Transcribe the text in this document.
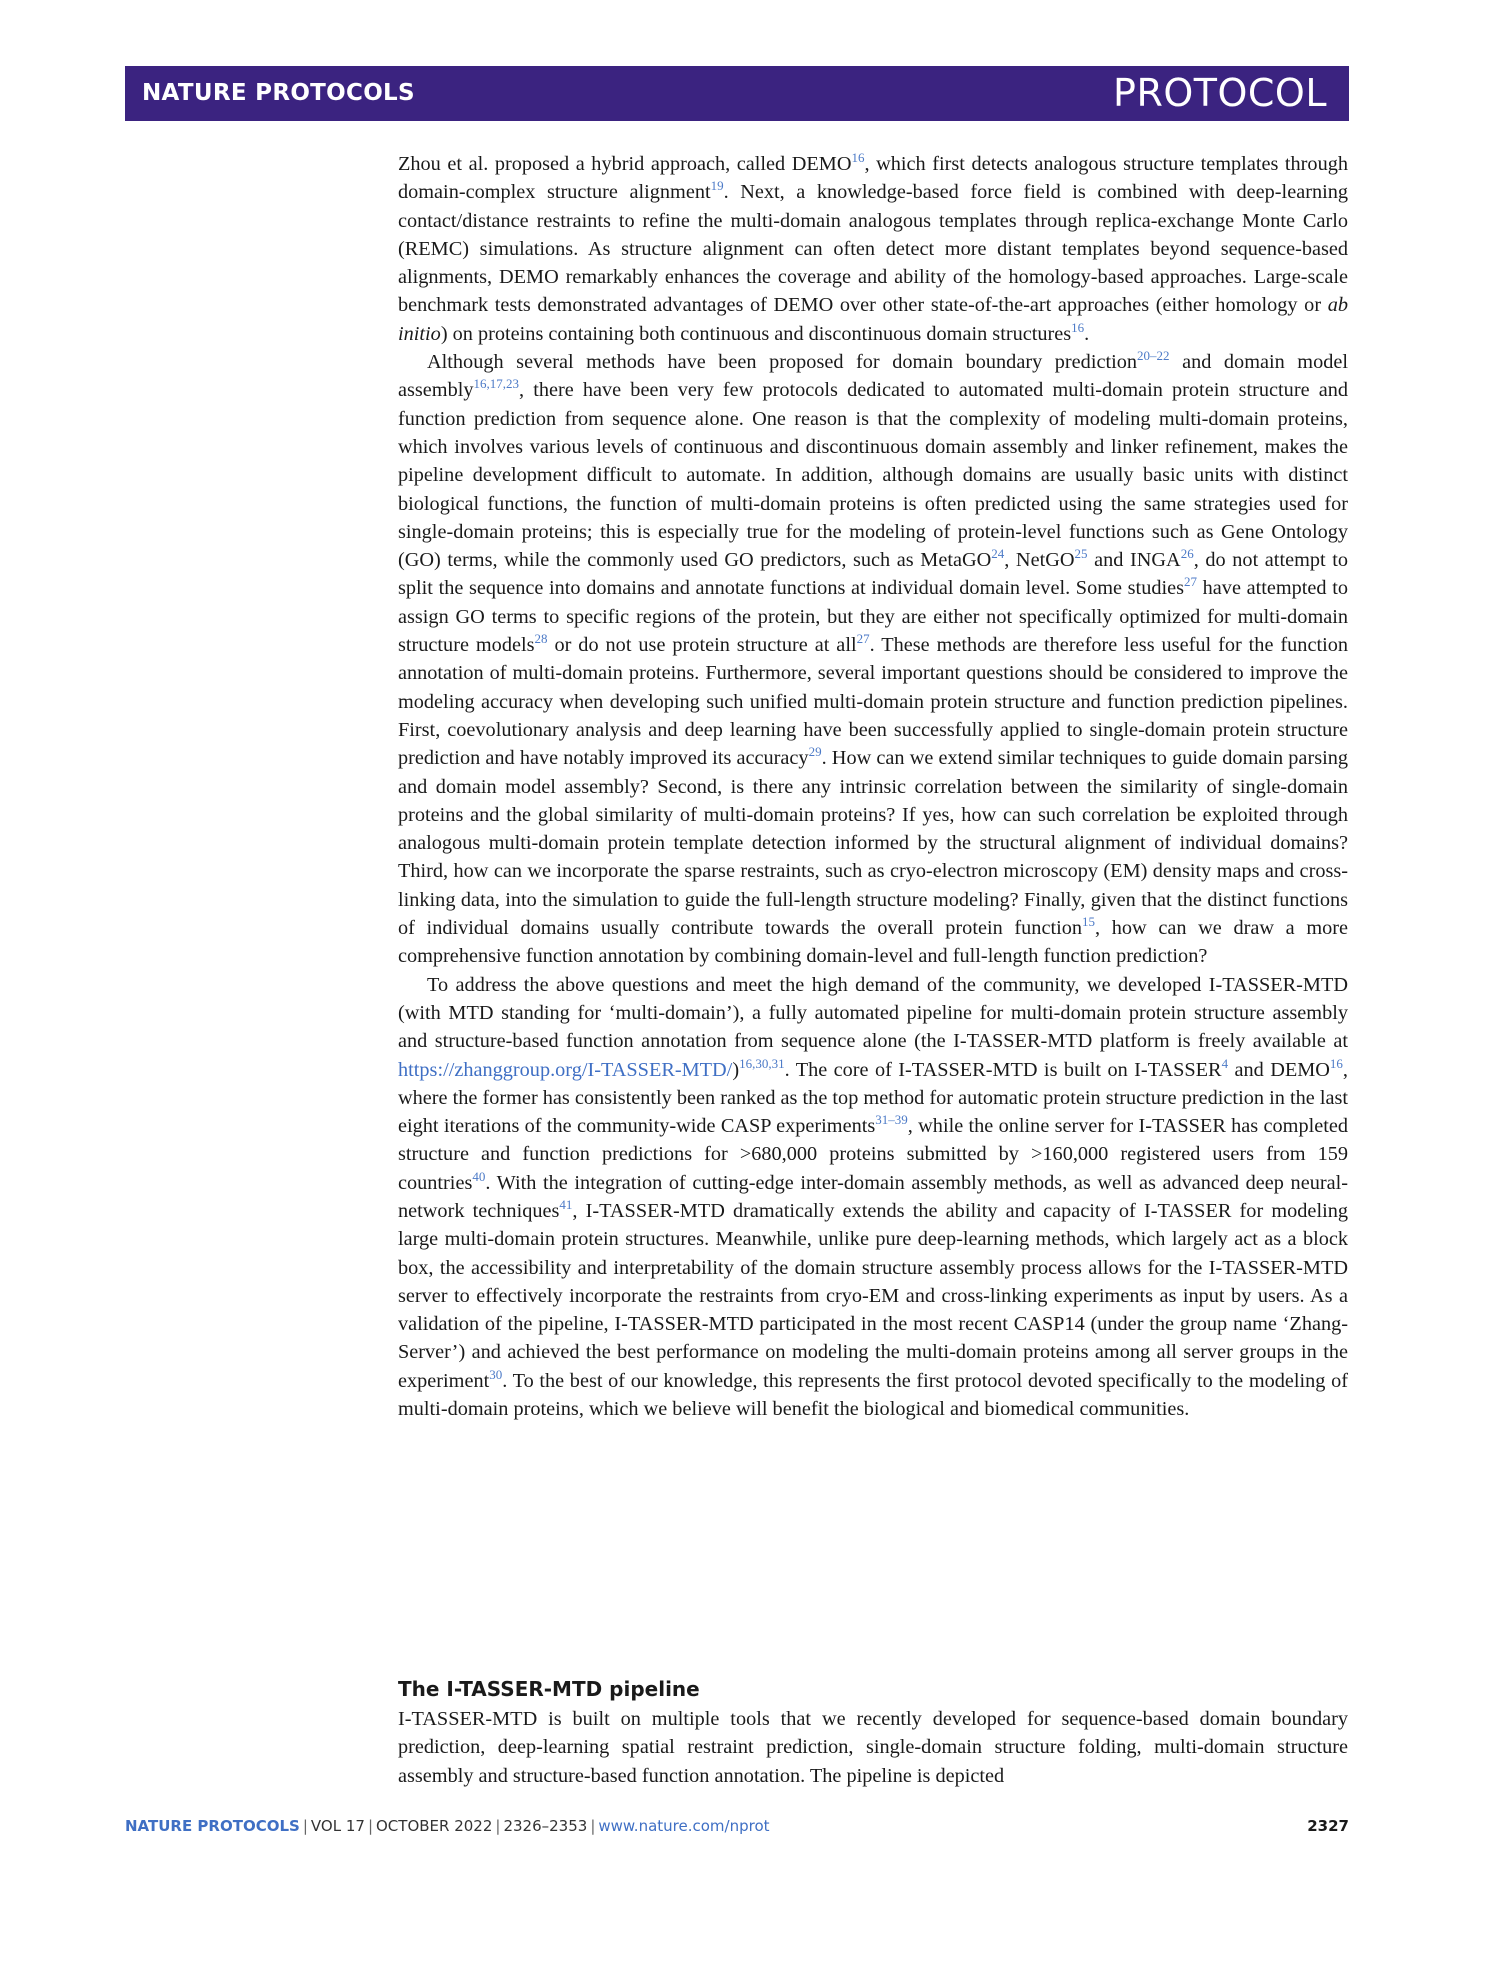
NATURE PROTOCOLS	PROTOCOL

Zhou et al. proposed a hybrid approach, called DEMO$^{16}$, which first detects analogous structure templates through domain-complex structure alignment$^{19}$. Next, a knowledge-based force field is combined with deep-learning contact/distance restraints to refine the multi-domain analogous templates through replica-exchange Monte Carlo (REMC) simulations. As structure alignment can often detect more distant templates beyond sequence-based alignments, DEMO remarkably enhances the coverage and ability of the homology-based approaches. Large-scale benchmark tests demonstrated advantages of DEMO over other state-of-the-art approaches (either homology or ab initio) on proteins containing both continuous and discontinuous domain structures$^{16}$.

Although several methods have been proposed for domain boundary prediction$^{20-22}$ and domain model assembly$^{16,17,23}$, there have been very few protocols dedicated to automated multi-domain protein structure and function prediction from sequence alone. One reason is that the complexity of modeling multi-domain proteins, which involves various levels of continuous and discontinuous domain assembly and linker refinement, makes the pipeline development difficult to automate. In addition, although domains are usually basic units with distinct biological functions, the function of multi-domain proteins is often predicted using the same strategies used for single-domain proteins; this is especially true for the modeling of protein-level functions such as Gene Ontology (GO) terms, while the commonly used GO predictors, such as MetaGO$^{24}$, NetGO$^{25}$ and INGA$^{26}$, do not attempt to split the sequence into domains and annotate functions at individual domain level. Some studies$^{27}$ have attempted to assign GO terms to specific regions of the protein, but they are either not specifically optimized for multi-domain structure models$^{28}$ or do not use protein structure at all$^{27}$. These methods are therefore less useful for the function annotation of multi-domain proteins. Furthermore, several important questions should be considered to improve the modeling accuracy when developing such unified multi-domain protein structure and function prediction pipelines. First, coevolutionary analysis and deep learning have been successfully applied to single-domain protein structure prediction and have notably improved its accuracy$^{29}$. How can we extend similar techniques to guide domain parsing and domain model assembly? Second, is there any intrinsic correlation between the similarity of single-domain proteins and the global similarity of multi-domain proteins? If yes, how can such correlation be exploited through analogous multi-domain protein template detection informed by the structural alignment of individual domains? Third, how can we incorporate the sparse restraints, such as cryo-electron microscopy (EM) density maps and cross-linking data, into the simulation to guide the full-length structure modeling? Finally, given that the distinct functions of individual domains usually contribute towards the overall protein function$^{15}$, how can we draw a more comprehensive function annotation by combining domain-level and full-length function prediction?

To address the above questions and meet the high demand of the community, we developed I-TASSER-MTD (with MTD standing for ‘multi-domain’), a fully automated pipeline for multi-domain protein structure assembly and structure-based function annotation from sequence alone (the I-TASSER-MTD platform is freely available at https://zhanggroup.org/I-TASSER-MTD/)$^{16,30,31}$. The core of I-TASSER-MTD is built on I-TASSER$^4$ and DEMO$^{16}$, where the former has consistently been ranked as the top method for automatic protein structure prediction in the last eight iterations of the community-wide CASP experiments$^{31-39}$, while the online server for I-TASSER has completed structure and function predictions for >680,000 proteins submitted by >160,000 registered users from 159 countries$^{40}$. With the integration of cutting-edge inter-domain assembly methods, as well as advanced deep neural-network techniques$^{41}$, I-TASSER-MTD dramatically extends the ability and capacity of I-TASSER for modeling large multi-domain protein structures. Meanwhile, unlike pure deep-learning methods, which largely act as a block box, the accessibility and interpretability of the domain structure assembly process allows for the I-TASSER-MTD server to effectively incorporate the restraints from cryo-EM and cross-linking experiments as input by users. As a validation of the pipeline, I-TASSER-MTD participated in the most recent CASP14 (under the group name ‘Zhang-Server’) and achieved the best performance on modeling the multi-domain proteins among all server groups in the experiment$^{30}$. To the best of our knowledge, this represents the first protocol devoted specifically to the modeling of multi-domain proteins, which we believe will benefit the biological and biomedical communities.

The I-TASSER-MTD pipeline
I-TASSER-MTD is built on multiple tools that we recently developed for sequence-based domain boundary prediction, deep-learning spatial restraint prediction, single-domain structure folding, multi-domain structure assembly and structure-based function annotation. The pipeline is depicted
NATURE PROTOCOLS | VOL 17 | OCTOBER 2022 | 2326–2353 | www.nature.com/nprot	2327
